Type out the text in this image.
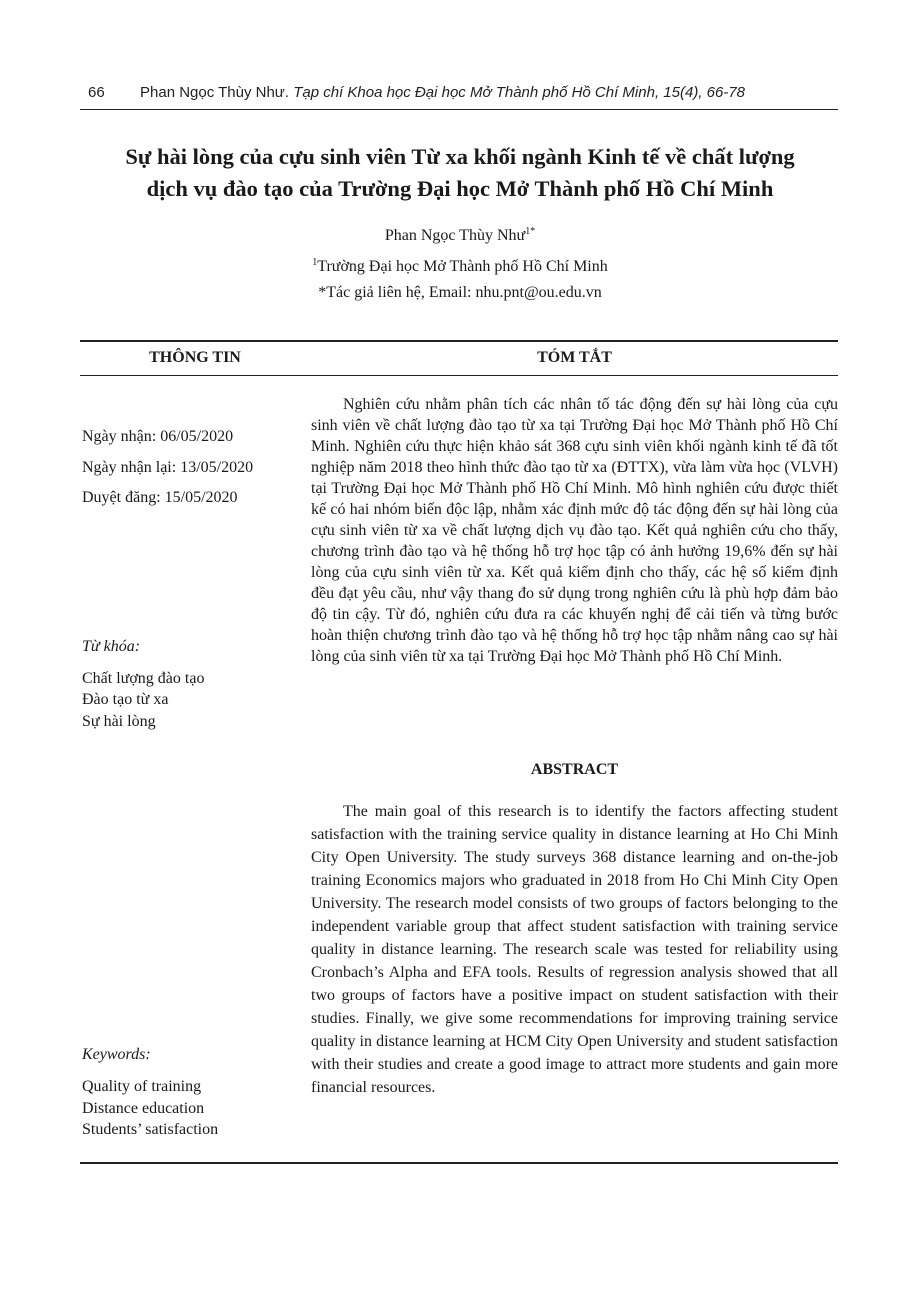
66 Phan Ngọc Thùy Như. Tạp chí Khoa học Đại học Mở Thành phố Hồ Chí Minh, 15(4), 66-78
Sự hài lòng của cựu sinh viên Từ xa khối ngành Kinh tế về chất lượng
dịch vụ đào tạo của Trường Đại học Mở Thành phố Hồ Chí Minh
Phan Ngọc Thùy Như$^{1*}$
$^1$Trường Đại học Mở Thành phố Hồ Chí Minh
*Tác giả liên hệ, Email: nhu.pnt@ou.edu.vn
THÔNG TIN	TÓM TẮT
Ngày nhận: 06/05/2020
Ngày nhận lại: 13/05/2020
Duyệt đăng: 15/05/2020
Từ khóa:
Chất lượng đào tạo
Đào tạo từ xa
Sự hài lòng

Nghiên cứu nhằm phân tích các nhân tố tác động đến sự hài lòng của cựu sinh viên về chất lượng đào tạo từ xa tại Trường Đại học Mở Thành phố Hồ Chí Minh. Nghiên cứu thực hiện khảo sát 368 cựu sinh viên khối ngành kinh tế đã tốt nghiệp năm 2018 theo hình thức đào tạo từ xa (ĐTTX), vừa làm vừa học (VLVH) tại Trường Đại học Mở Thành phố Hồ Chí Minh. Mô hình nghiên cứu được thiết kế có hai nhóm biến độc lập, nhằm xác định mức độ tác động đến sự hài lòng của cựu sinh viên từ xa về chất lượng dịch vụ đào tạo. Kết quả nghiên cứu cho thấy, chương trình đào tạo và hệ thống hỗ trợ học tập có ảnh hưởng 19,6% đến sự hài lòng của cựu sinh viên từ xa. Kết quả kiểm định cho thấy, các hệ số kiểm định đều đạt yêu cầu, như vậy thang đo sử dụng trong nghiên cứu là phù hợp đảm bảo độ tin cậy. Từ đó, nghiên cứu đưa ra các khuyến nghị để cải tiến và từng bước hoàn thiện chương trình đào tạo và hệ thống hỗ trợ học tập nhằm nâng cao sự hài lòng của sinh viên từ xa tại Trường Đại học Mở Thành phố Hồ Chí Minh.

ABSTRACT

The main goal of this research is to identify the factors affecting student satisfaction with the training service quality in distance learning at Ho Chi Minh City Open University. The study surveys 368 distance learning and on-the-job training Economics majors who graduated in 2018 from Ho Chi Minh City Open University. The research model consists of two groups of factors belonging to the independent variable group that affect student satisfaction with training service quality in distance learning. The research scale was tested for reliability using Cronbach’s Alpha and EFA tools. Results of regression analysis showed that all two groups of factors have a positive impact on student satisfaction with their studies. Finally, we give some recommendations for improving training service quality in distance learning at HCM City Open University and student satisfaction with their studies and create a good image to attract more students and gain more financial resources.

Keywords:
Quality of training
Distance education
Students’ satisfaction
